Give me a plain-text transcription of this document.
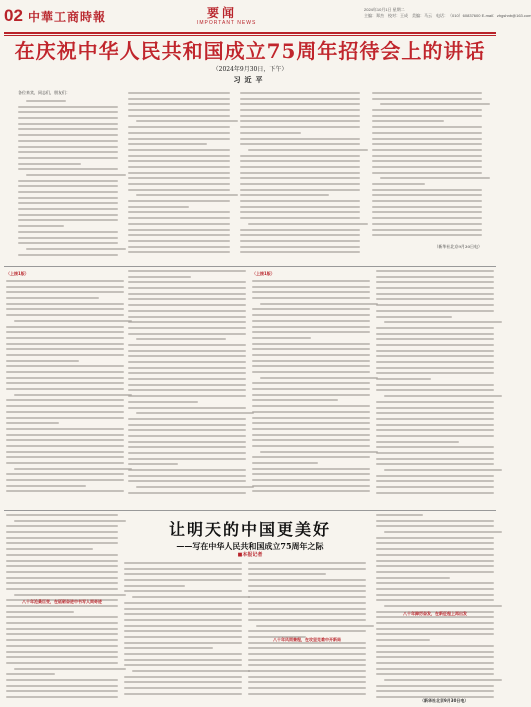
02 中華工商時報	要闻
IMPORTANT NEWS
2024年10月1日 星期二
主编：郑杰　校对：王成　美编：马云　电话：（010）60837600 E-mail：zhgshnb@163.com
在庆祝中华人民共和国成立75周年招待会上的讲话
（2024年9月30日，下午）
习近平
各位来宾，同志们，朋友们：
（新华社北京9月30日电）
（上接1版）	（上接1版）
让明天的中国更美好
——写在中华人民共和国成立75周年之际
■本报记者
八十年沧桑巨变，在砥砺奋进中书写人间奇迹
八十年风雨兼程，在攻坚克难中开新局
八十年踔厉奋发，在新征程上再出发
（新华社北京9月30日电）
